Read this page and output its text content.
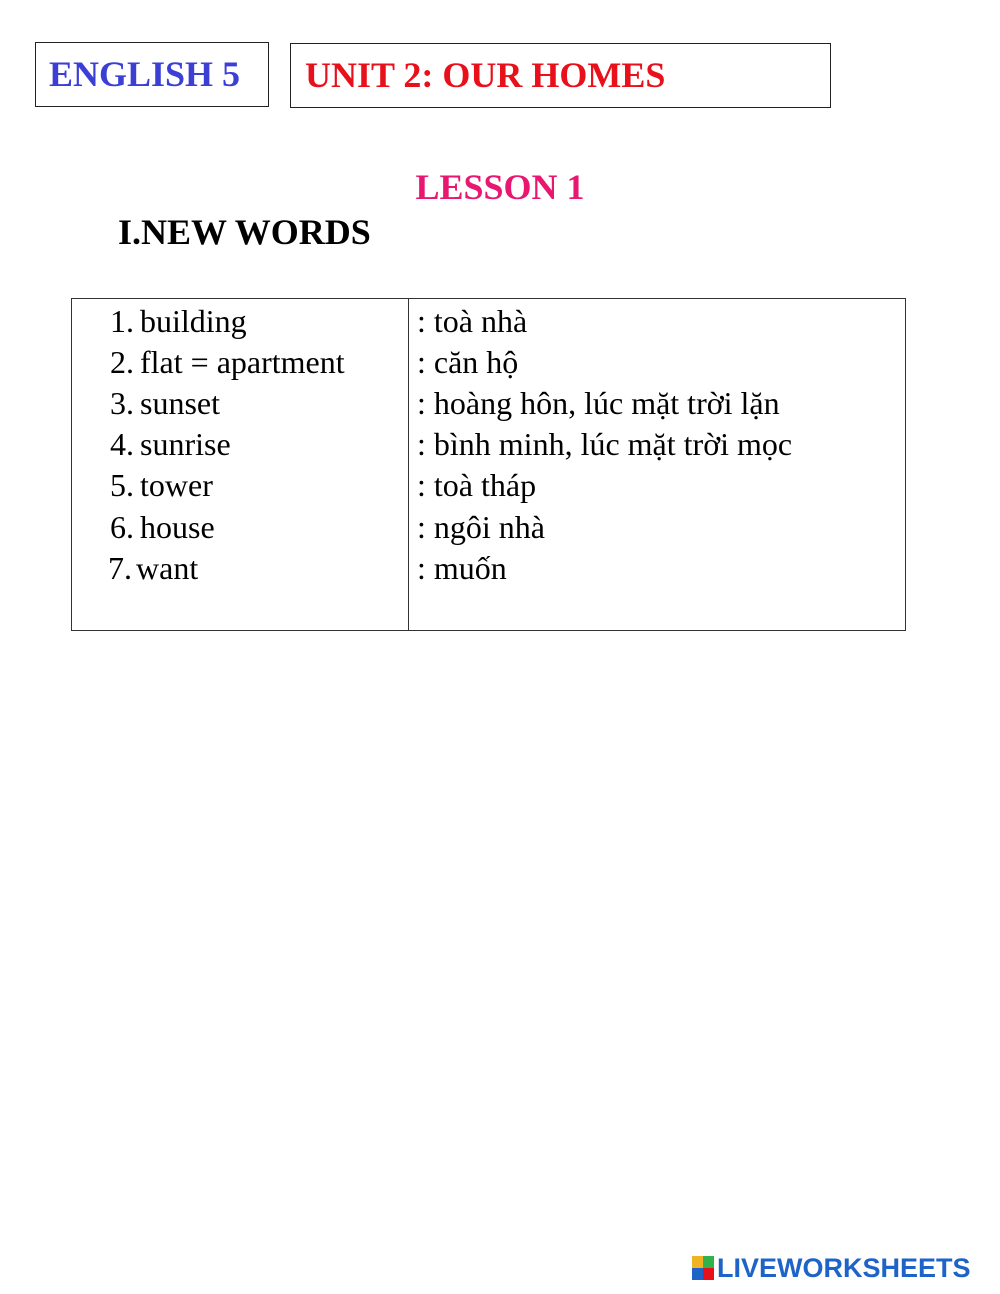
ENGLISH 5	UNIT 2: OUR HOMES
LESSON 1
I.NEW WORDS
1. building	: toà nhà
2. flat = apartment : căn hộ
3. sunset	: hoàng hôn, lúc mặt trời lặn
4. sunrise	: bình minh, lúc mặt trời mọc
5. tower	: toà tháp
6. house	: ngôi nhà
7. want	: muốn
LIVEWORKSHEETS
